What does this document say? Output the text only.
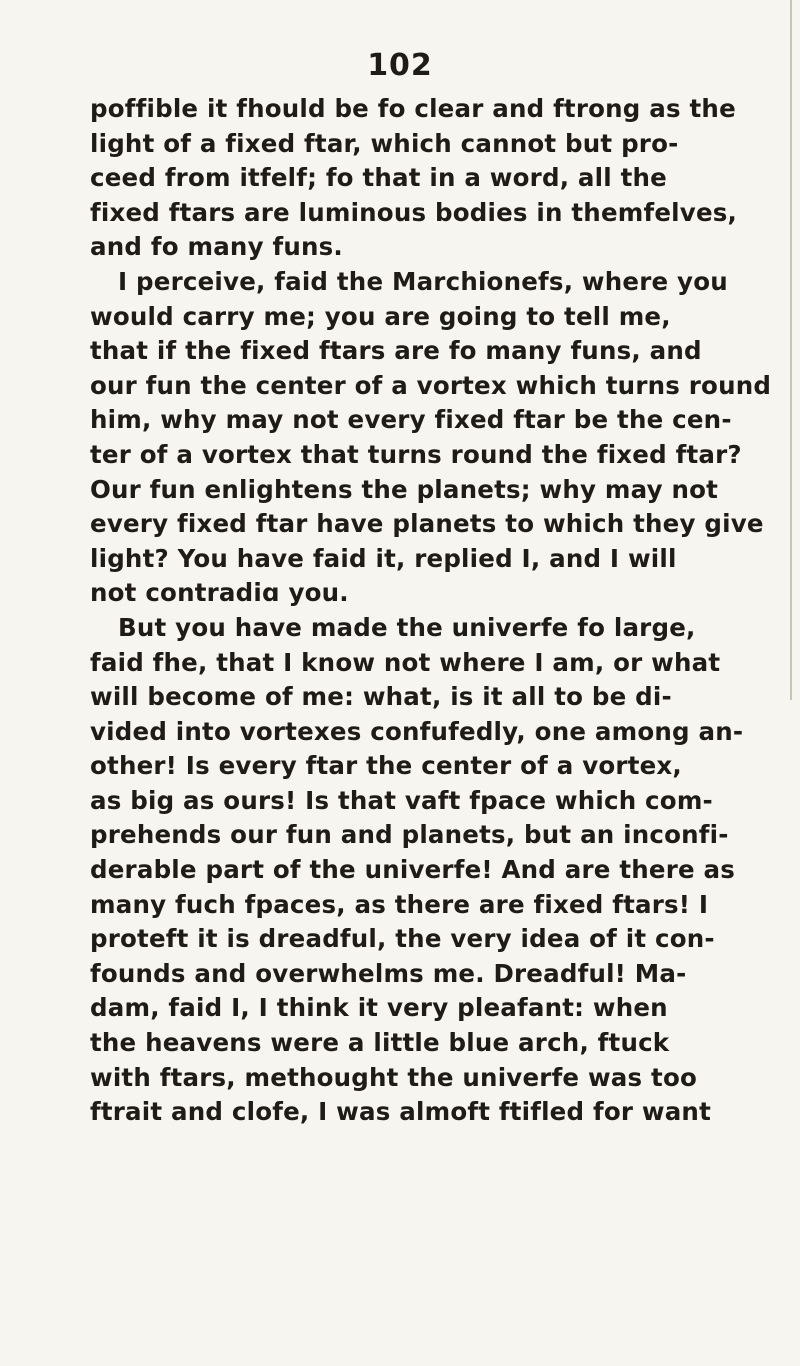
102
poffible it fhould be fo clear and ftrong as the
light of a fixed ftar, which cannot but pro-
ceed from itfelf; fo that in a word, all the
fixed ftars are luminous bodies in themfelves,
and fo many funs.
I perceive, faid the Marchionefs, where you
would carry me; you are going to tell me,
that if the fixed ftars are fo many funs, and
our fun the center of a vortex which turns round
him, why may not every fixed ftar be the cen-
ter of a vortex that turns round the fixed ftar?
Our fun enlightens the planets; why may not
every fixed ftar have planets to which they give
light? You have faid it, replied I, and I will
not contradiɑ you.
But you have made the univerfe fo large,
faid fhe, that I know not where I am, or what
will become of me: what, is it all to be di-
vided into vortexes confufedly, one among an-
other! Is every ftar the center of a vortex,
as big as ours! Is that vaft fpace which com-
prehends our fun and planets, but an inconfi-
derable part of the univerfe! And are there as
many fuch fpaces, as there are fixed ftars! I
proteft it is dreadful, the very idea of it con-
founds and overwhelms me. Dreadful! Ma-
dam, faid I, I think it very pleafant: when
the heavens were a little blue arch, ftuck
with ftars, methought the univerfe was too
ftrait and clofe, I was almoft ftifled for want
